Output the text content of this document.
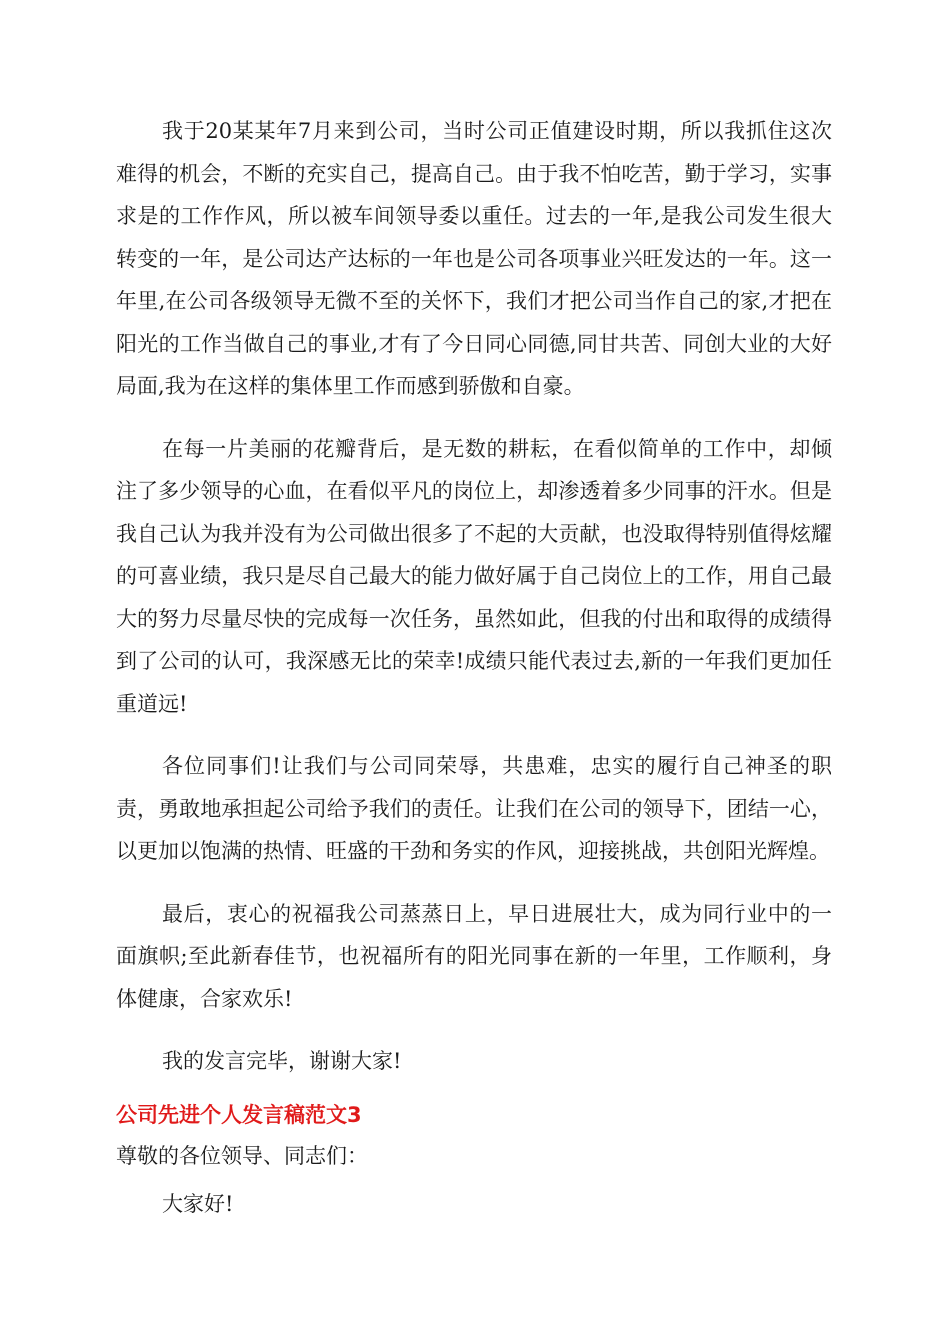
我于20某某年7月来到公司，当时公司正值建设时期，所以我抓住这次难得的机会，不断的充实自己，提高自己。由于我不怕吃苦，勤于学习，实事求是的工作作风，所以被车间领导委以重任。过去的一年,是我公司发生很大转变的一年，是公司达产达标的一年也是公司各项事业兴旺发达的一年。这一年里,在公司各级领导无微不至的关怀下，我们才把公司当作自己的家,才把在阳光的工作当做自己的事业,才有了今日同心同德,同甘共苦、同创大业的大好局面,我为在这样的集体里工作而感到骄傲和自豪。

在每一片美丽的花瓣背后，是无数的耕耘，在看似简单的工作中，却倾注了多少领导的心血，在看似平凡的岗位上，却渗透着多少同事的汗水。但是我自己认为我并没有为公司做出很多了不起的大贡献，也没取得特别值得炫耀的可喜业绩，我只是尽自己最大的能力做好属于自己岗位上的工作，用自己最大的努力尽量尽快的完成每一次任务，虽然如此，但我的付出和取得的成绩得到了公司的认可，我深感无比的荣幸!成绩只能代表过去,新的一年我们更加任重道远!

各位同事们!让我们与公司同荣辱，共患难，忠实的履行自己神圣的职责，勇敢地承担起公司给予我们的责任。让我们在公司的领导下，团结一心，以更加以饱满的热情、旺盛的干劲和务实的作风，迎接挑战，共创阳光辉煌。

最后，衷心的祝福我公司蒸蒸日上，早日进展壮大，成为同行业中的一面旗帜;至此新春佳节，也祝福所有的阳光同事在新的一年里，工作顺利，身体健康，合家欢乐!

我的发言完毕，谢谢大家!

公司先进个人发言稿范文3

尊敬的各位领导、同志们：

大家好!
